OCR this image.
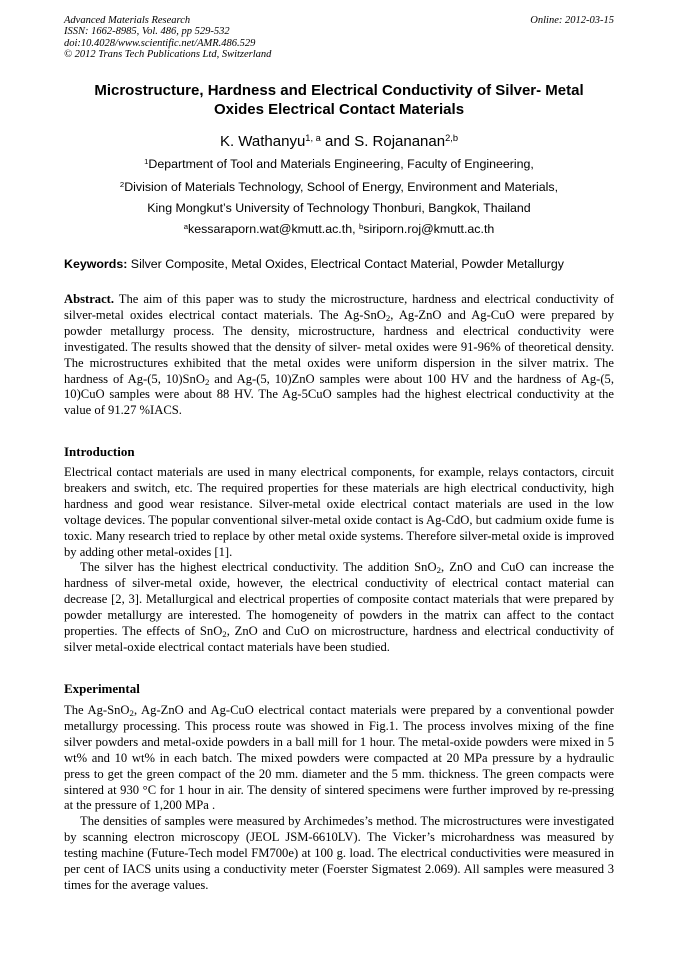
Advanced Materials Research
ISSN: 1662-8985, Vol. 486, pp 529-532
doi:10.4028/www.scientific.net/AMR.486.529
© 2012 Trans Tech Publications Ltd, Switzerland
Online: 2012-03-15
Microstructure, Hardness and Electrical Conductivity of Silver- Metal
Oxides Electrical Contact Materials
K. Wathanyu$^{1, a}$ and S. Rojananan$^{2,b}$
$^1$Department of Tool and Materials Engineering, Faculty of Engineering,
$^2$Division of Materials Technology, School of Energy, Environment and Materials,
King Mongkut’s University of Technology Thonburi, Bangkok, Thailand
$^a$kessaraporn.wat@kmutt.ac.th, $^b$siriporn.roj@kmutt.ac.th
Keywords: Silver Composite, Metal Oxides, Electrical Contact Material, Powder Metallurgy

Abstract. The aim of this paper was to study the microstructure, hardness and electrical conductivity of silver-metal oxides electrical contact materials. The Ag-SnO$_2$, Ag-ZnO and Ag-CuO were prepared by powder metallurgy process. The density, microstructure, hardness and electrical conductivity were investigated. The results showed that the density of silver- metal oxides were 91-96% of theoretical density. The microstructures exhibited that the metal oxides were uniform dispersion in the silver matrix. The hardness of Ag-(5, 10)SnO$_2$ and Ag-(5, 10)ZnO samples were about 100 HV and the hardness of Ag-(5, 10)CuO samples were about 88 HV. The Ag-5CuO samples had the highest electrical conductivity at the value of 91.27 %IACS.

Introduction

Electrical contact materials are used in many electrical components, for example, relays contactors, circuit breakers and switch, etc. The required properties for these materials are high electrical conductivity, high hardness and good wear resistance. Silver-metal oxide electrical contact materials are used in the low voltage devices. The popular conventional silver-metal oxide contact is Ag-CdO, but cadmium oxide fume is toxic. Many research tried to replace by other metal oxide systems. Therefore silver-metal oxide is improved by adding other metal-oxides [1].

The silver has the highest electrical conductivity. The addition SnO$_2$, ZnO and CuO can increase the hardness of silver-metal oxide, however, the electrical conductivity of electrical contact material can decrease [2, 3]. Metallurgical and electrical properties of composite contact materials that were prepared by powder metallurgy are interested. The homogeneity of powders in the matrix can affect to the contact properties. The effects of SnO$_2$, ZnO and CuO on microstructure, hardness and electrical conductivity of silver metal-oxide electrical contact materials have been studied.

Experimental

The Ag-SnO$_2$, Ag-ZnO and Ag-CuO electrical contact materials were prepared by a conventional powder metallurgy processing. This process route was showed in Fig.1. The process involves mixing of the fine silver powders and metal-oxide powders in a ball mill for 1 hour. The metal-oxide powders were mixed in 5 wt% and 10 wt% in each batch. The mixed powders were compacted at 20 MPa pressure by a hydraulic press to get the green compact of the 20 mm. diameter and the 5 mm. thickness. The green compacts were sintered at 930 °C for 1 hour in air. The density of sintered specimens were further improved by re-pressing at the pressure of 1,200 MPa .

The densities of samples were measured by Archimedes’s method. The microstructures were investigated by scanning electron microscopy (JEOL JSM-6610LV). The Vicker’s microhardness was measured by testing machine (Future-Tech model FM700e) at 100 g. load. The electrical conductivities were measured in per cent of IACS units using a conductivity meter (Foerster Sigmatest 2.069). All samples were measured 3 times for the average values.
